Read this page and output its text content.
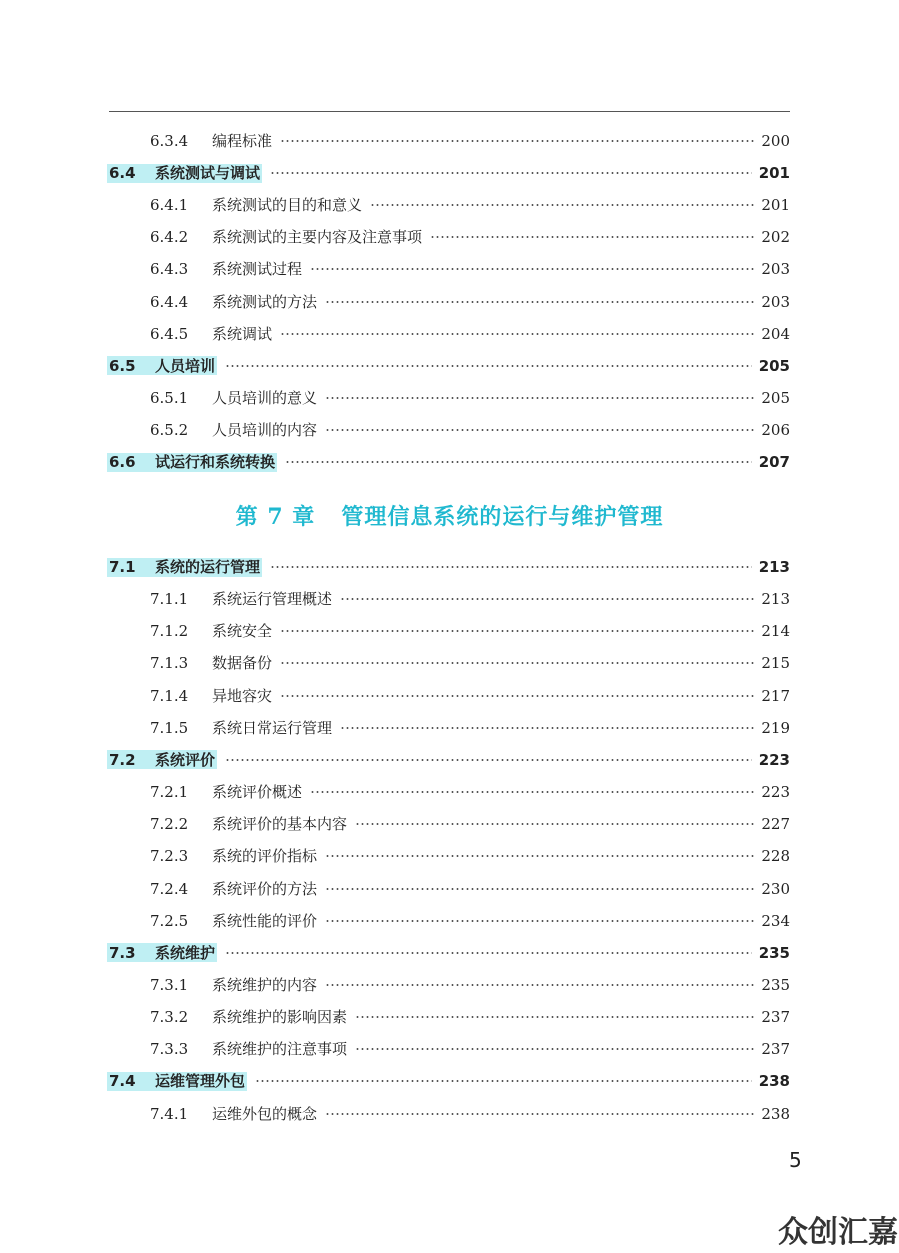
6.3.4	编程标准	200
6.4	系统测试与调试	201
6.4.1	系统测试的目的和意义	201
6.4.2	系统测试的主要内容及注意事项	202
6.4.3	系统测试过程	203
6.4.4	系统测试的方法	203
6.4.5	系统调试	204
6.5	人员培训	205
6.5.1	人员培训的意义	205
6.5.2	人员培训的内容	206
6.6	试运行和系统转换	207
7.1	系统的运行管理	213
7.1.1	系统运行管理概述	213
7.1.2	系统安全	214
7.1.3	数据备份	215
7.1.4	异地容灾	217
7.1.5	系统日常运行管理	219
7.2	系统评价	223
7.2.1	系统评价概述	223
7.2.2	系统评价的基本内容	227
7.2.3	系统的评价指标	228
7.2.4	系统评价的方法	230
7.2.5	系统性能的评价	234
7.3	系统维护	235
7.3.1	系统维护的内容	235
7.3.2	系统维护的影响因素	237
7.3.3	系统维护的注意事项	237
7.4	运维管理外包	238
7.4.1	运维外包的概念	238
第 7 章 管理信息系统的运行与维护管理
5
众创汇嘉
